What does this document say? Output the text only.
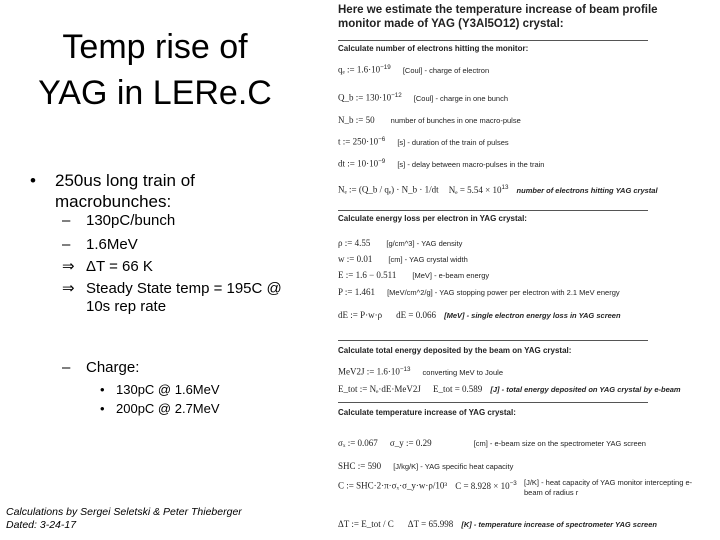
Temp rise of
YAG in LERe.C
• 250us long train of macrobunches:
– 130pC/bunch
– 1.6MeV
⇒ ΔT = 66 K
⇒ Steady State temp = 195C @
10s rep rate
– Charge:
• 130pC @ 1.6MeV
• 200pC @ 2.7MeV
Calculations by Sergei Seletski & Peter Thieberger
Dated: 3-24-17
Here we estimate the temperature increase of beam profile
monitor made of YAG (Y3Al5O12) crystal:
Calculate number of electrons hitting the monitor:
qₑ := $1.6\cdot 10^{-19}$ [Coul] - charge of electron
Q_b := $130\cdot 10^{-12}$ [Coul] - charge in one bunch
N_b := 50 number of bunches in one macro-pulse
t := $250\cdot 10^{-6}$ [s] - duration of the train of pulses
dt := $10\cdot 10^{-9}$ [s] - delay between macro-pulses in the train
Nₑ := (Q_b / qₑ) · N_b · 1/dt $N_e = 5.54 \times 10^{13}$ number of electrons hitting YAG crystal
Calculate energy loss per electron in YAG crystal:
ρ := 4.55 [g/cm^3] - YAG density
w := 0.01 [cm] - YAG crystal width
E := 1.6 − 0.511 [MeV] - e-beam energy
P := 1.461 [MeV/cm^2/g] - YAG stopping power per electron with 2.1 MeV energy
dE := P·w·ρ dE = 0.066 [MeV] - single electron energy loss in YAG screen
Calculate total energy deposited by the beam on YAG crystal:
MeV2J := $1.6\cdot 10^{-13}$ converting MeV to Joule
E_tot := Nₑ·dE·MeV2J E_tot = 0.589 [J] - total energy deposited on YAG crystal by e-beam
Calculate temperature increase of YAG crystal:
σₓ := 0.067 σ_y := 0.29	[cm] - e-beam size on the spectrometer YAG screen
SHC := 590 [J/kg/K] - YAG specific heat capacity
C := SHC·2·π·σₓ·σ_y·w·ρ/10³ $C = 8.928 \times 10^{-3}$ [J/K] - heat capacity of YAG monitor intercepting e-beam of radius r
ΔT := E_tot / C ΔT = 65.998 [K] - temperature increase of spectrometer YAG screen
